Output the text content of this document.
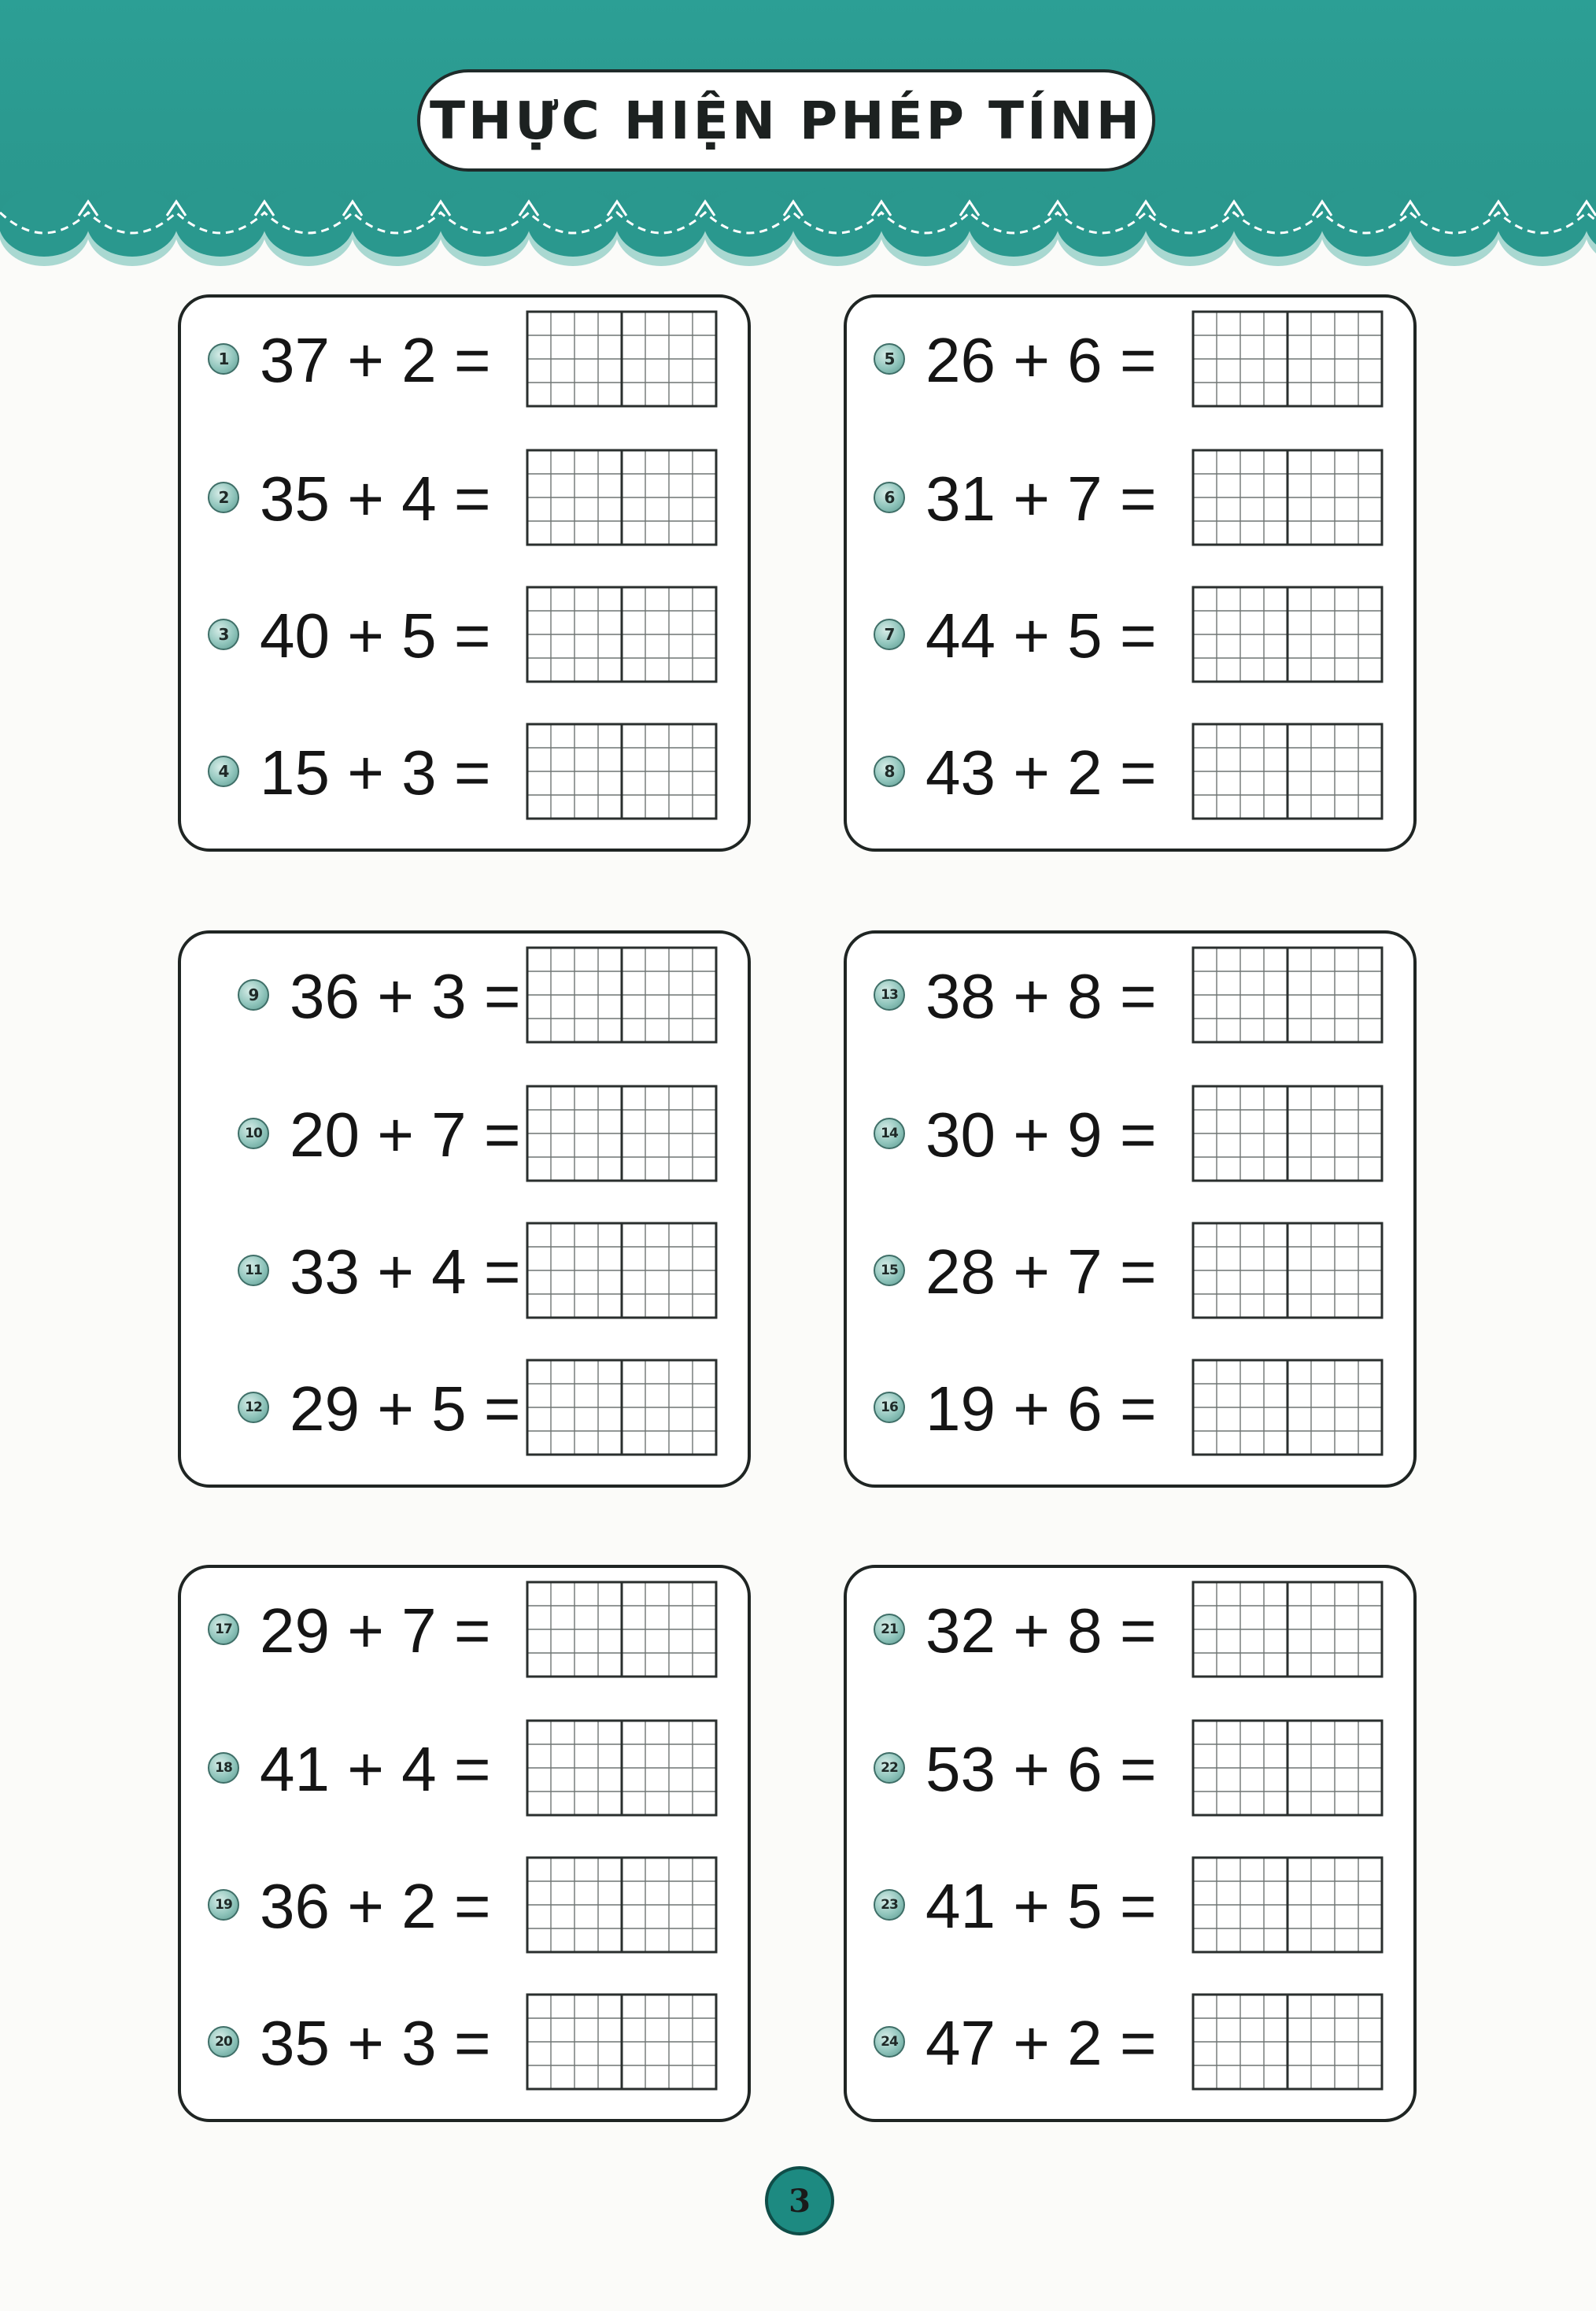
THỰC HIỆN PHÉP TÍNH
1 37 + 2 =
2 35 + 4 =
3 40 + 5 =
4 15 + 3 =
5 26 + 6 =
6 31 + 7 =
7 44 + 5 =
8 43 + 2 =
9 36 + 3 =
10 20 + 7 =
11 33 + 4 =
12 29 + 5 =
13 38 + 8 =
14 30 + 9 =
15 28 + 7 =
16 19 + 6 =
17 29 + 7 =
18 41 + 4 =
19 36 + 2 =
20 35 + 3 =
21 32 + 8 =
22 53 + 6 =
23 41 + 5 =
24 47 + 2 =
3
